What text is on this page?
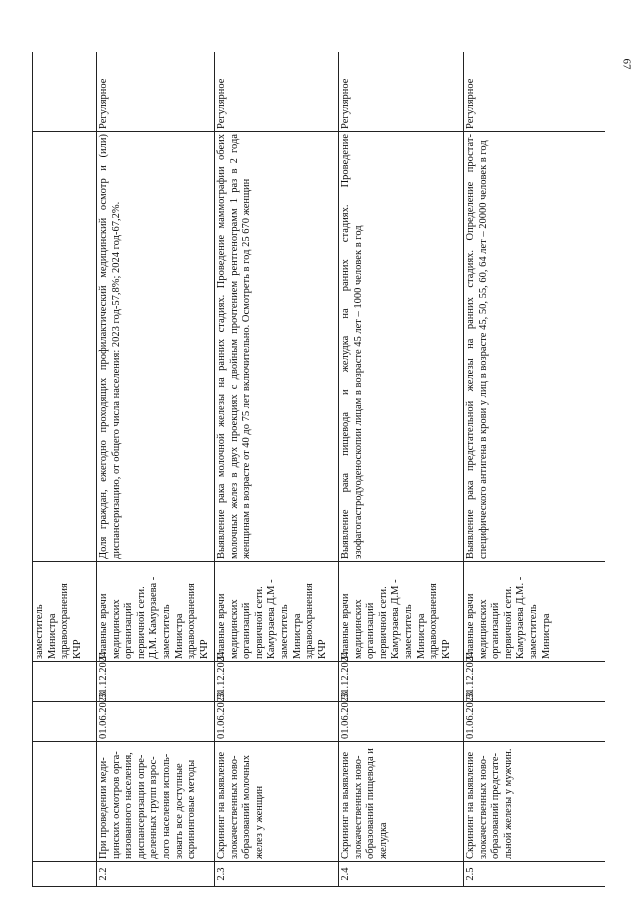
67
				заместитель Министра здравоохранения КЧР		
2.2	При проведении меди-цинских осмотров орга-низованного населения, диспансеризации опре-деленных групп взрос-лого населения исполь-зовать все доступные скрининговые методы	01.06.2023	31.12.2024	Главные врачи медицинских организаций первичной сети. Д.М. Камурзаева - заместитель Министра здравоохранения КЧР	Доля граждан, ежегодно проходящих профилактический медицинский осмотр и (или) диспансеризацию, от общего числа населения: 2023 год-57,8%; 2024 год-67,2%.	Регулярное
2.3	Скрининг на выявление злокачественных ново-образований молочных желез у женщин	01.06.2023	31.12.2024	Главные врачи медицинских организаций первичной сети. Камурзаева Д.М - заместитель Министра здравоохранения КЧР	Выявление рака молочной железы на ранних стадиях. Проведение маммографии обеих молочных желез в двух проекциях с двойным прочтением рентгенограмм 1 раз в 2 года женщинам в возрасте от 40 до 75 лет включительно. Осмотреть в год 25 670 женщин	Регулярное
2.4	Скрининг на выявление злокачественных ново-образований пищевода и желудка	01.06.2023	31.12.2024	Главные врачи медицинских организаций первичной сети. Камурзаева Д.М - заместитель Министра здравоохранения КЧР	Выявление рака пищевода и желудка на ранних стадиях. Проведение эзофагогастродуоденоскопии лицам в возрасте 45 лет – 1000 человек в год	Регулярное
2.5	Скрининг на выявление злокачественных ново-образований предстате-льной железы у мужчин.	01.06.2023	31.12.2024	Главные врачи медицинских организаций первичной сети. Камурзаева Д.М. - заместитель Министра	Выявление рака предстательной железы на ранних стадиях. Определение простат-специфического антигена в крови у лиц в возрасте 45, 50, 55, 60, 64 лет – 20000 человек в год	Регулярное
